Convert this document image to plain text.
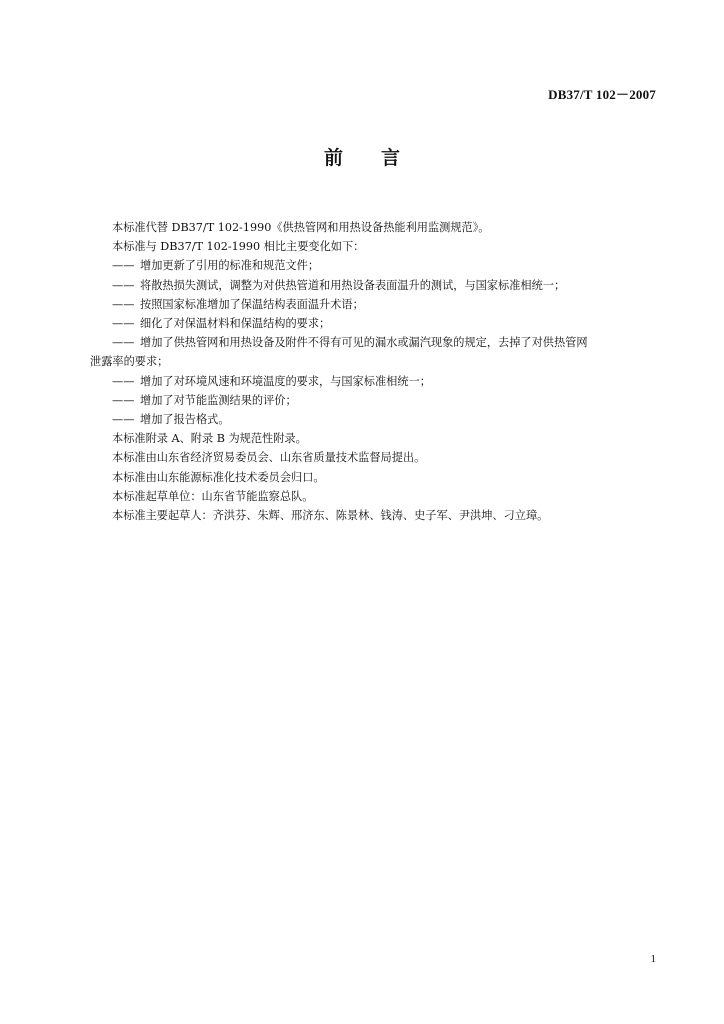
DB37/T 102－2007
前言

本标准代替 DB37/T 102-1990《供热管网和用热设备热能利用监测规范》。

本标准与 DB37/T 102-1990 相比主要变化如下：

—— 增加更新了引用的标准和规范文件；

—— 将散热损失测试，调整为对供热管道和用热设备表面温升的测试，与国家标准相统一；

—— 按照国家标准增加了保温结构表面温升术语；

—— 细化了对保温材料和保温结构的要求；

—— 增加了供热管网和用热设备及附件不得有可见的漏水或漏汽现象的规定，去掉了对供热管网
泄露率的要求；

—— 增加了对环境风速和环境温度的要求，与国家标准相统一；

—— 增加了对节能监测结果的评价；

—— 增加了报告格式。

本标准附录 A、附录 B 为规范性附录。

本标准由山东省经济贸易委员会、山东省质量技术监督局提出。

本标准由山东能源标准化技术委员会归口。

本标准起草单位：山东省节能监察总队。

本标准主要起草人：齐洪芬、朱辉、邢济东、陈景林、钱涛、史子军、尹洪坤、刁立璋。

1
